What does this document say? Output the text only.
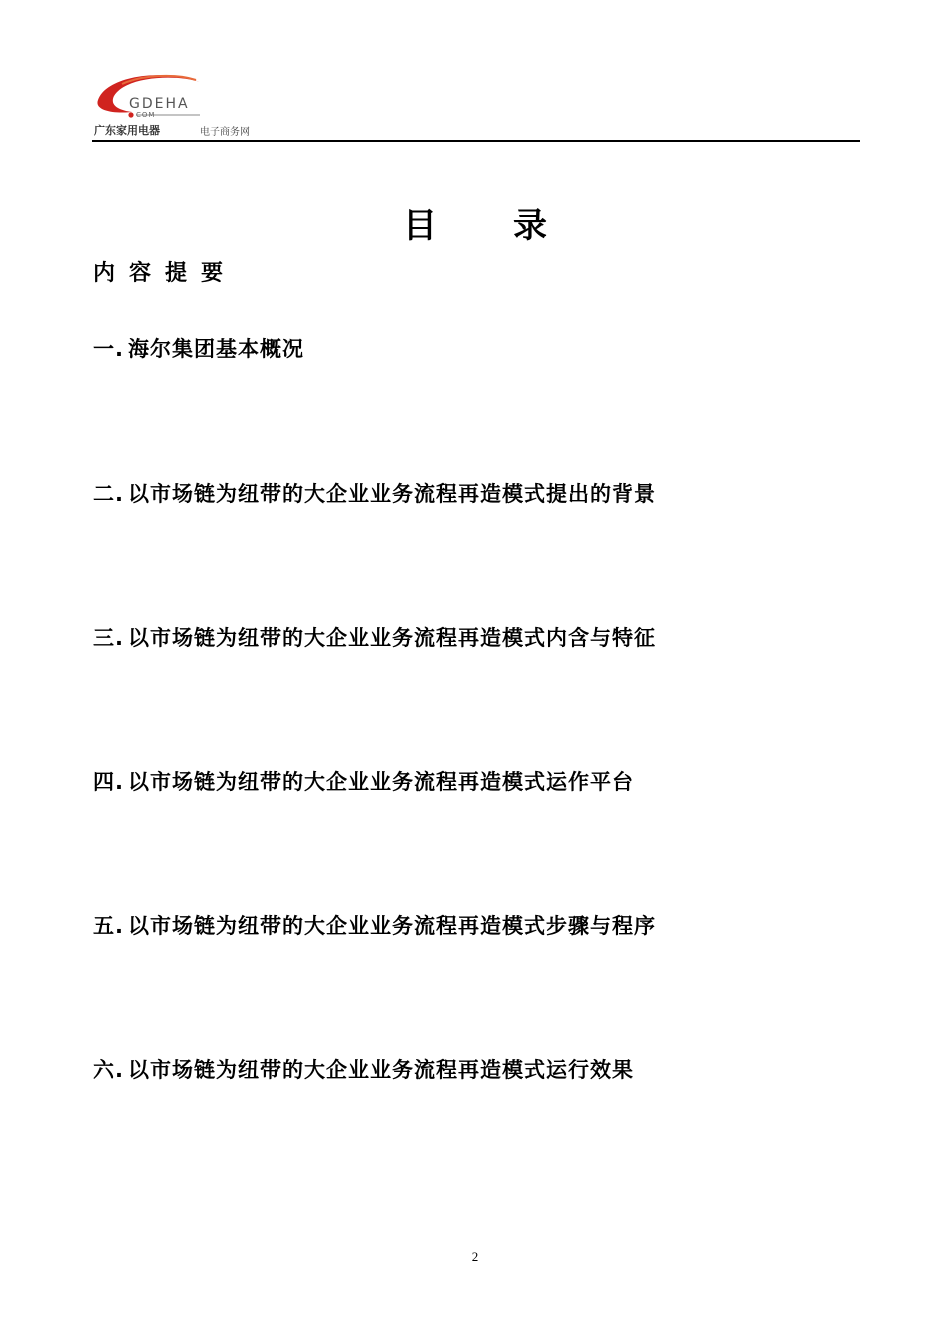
GDEHA
COM
广东家用电器	电子商务网
目录
内容提要
一. 海尔集团基本概况
二. 以市场链为纽带的大企业业务流程再造模式提出的背景
三. 以市场链为纽带的大企业业务流程再造模式内含与特征
四. 以市场链为纽带的大企业业务流程再造模式运作平台
五. 以市场链为纽带的大企业业务流程再造模式步骤与程序
六. 以市场链为纽带的大企业业务流程再造模式运行效果
2
